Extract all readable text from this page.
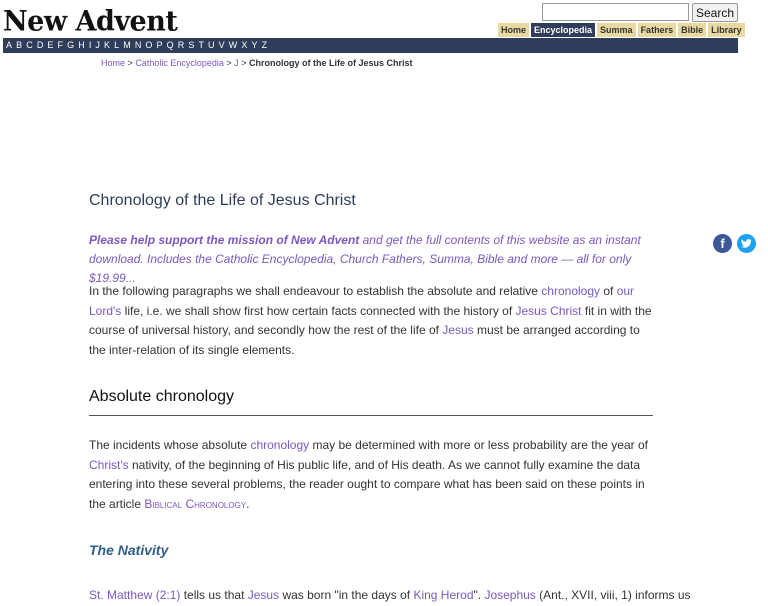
New Advent	Search
Home Encyclopedia Summa Fathers Bible Library
A B C D E F G H I J K L M N O P Q R S T U V W X Y Z
Home > Catholic Encyclopedia > J > Chronology of the Life of Jesus Christ
Chronology of the Life of Jesus Christ

Please help support the mission of New Advent and get the full contents of this website as an instant download. Includes the Catholic Encyclopedia, Church Fathers, Summa, Bible and more — all for only $19.99...

In the following paragraphs we shall endeavour to establish the absolute and relative chronology of our Lord's life, i.e. we shall show first how certain facts connected with the history of Jesus Christ fit in with the course of universal history, and secondly how the rest of the life of Jesus must be arranged according to the inter-relation of its single elements.

Absolute chronology

The incidents whose absolute chronology may be determined with more or less probability are the year of Christ's nativity, of the beginning of His public life, and of His death. As we cannot fully examine the data entering into these several problems, the reader ought to compare what has been said on these points in the article Biblical Chronology.

The Nativity

St. Matthew (2:1) tells us that Jesus was born "in the days of King Herod". Josephus (Ant., XVII, viii, 1) informs us

f
